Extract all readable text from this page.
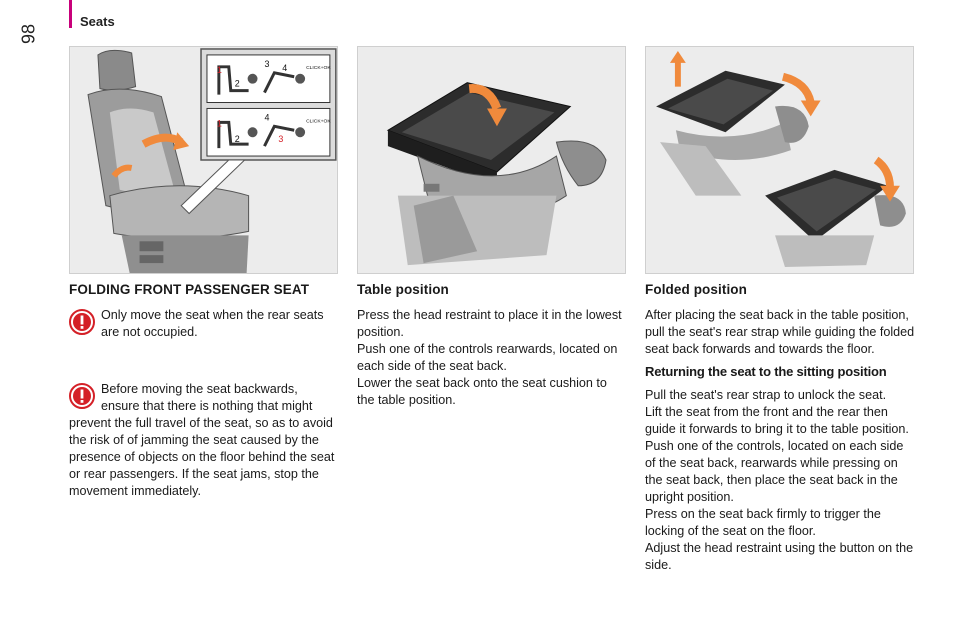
98
Seats
1
2
3 4	CLICK+OK
1
2
4
3
CLICK+OK
FOLDING FRONT PASSENGER SEAT
Only move the seat when the rear seats are not occupied.
Before moving the seat backwards, ensure that there is nothing that might prevent the full travel of the seat, so as to avoid the risk of of jamming the seat caused by the presence of objects on the floor behind the seat or rear passengers. If the seat jams, stop the movement immediately.
Table position

Press the head restraint to place it in the lowest position.

Push one of the controls rearwards, located on each side of the seat back.

Lower the seat back onto the seat cushion to the table position.

Folded position

After placing the seat back in the table position, pull the seat's rear strap while guiding the folded seat back forwards and towards the floor.

Returning the seat to the sitting position

Pull the seat's rear strap to unlock the seat.

Lift the seat from the front and the rear then guide it forwards to bring it to the table position.

Push one of the controls, located on each side of the seat back, rearwards while pressing on the seat back, then place the seat back in the upright position.

Press on the seat back firmly to trigger the locking of the seat on the floor.

Adjust the head restraint using the button on the side.
